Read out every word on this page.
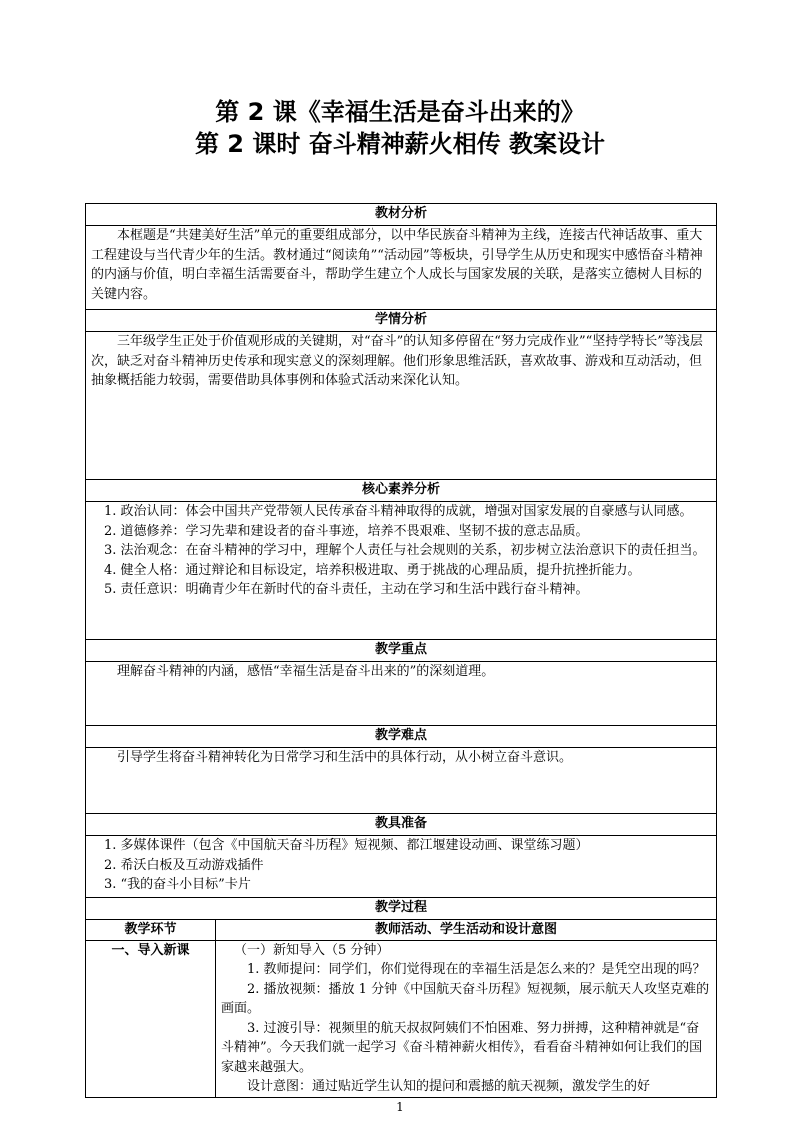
第 2 课《幸福生活是奋斗出来的》
第 2 课时 奋斗精神薪火相传 教案设计
教材分析	

本框题是“共建美好生活”单元的重要组成部分，以中华民族奋斗精神为主线，连接古代神话故事、重大工程建设与当代青少年的生活。教材通过“阅读角”“活动园”等板块，引导学生从历史和现实中感悟奋斗精神的内涵与价值，明白幸福生活需要奋斗，帮助学生建立个人成长与国家发展的关联，是落实立德树人目标的关键内容。	

学情分析	

三年级学生正处于价值观形成的关键期，对“奋斗”的认知多停留在“努力完成作业”“坚持学特长”等浅层次，缺乏对奋斗精神历史传承和现实意义的深刻理解。他们形象思维活跃，喜欢故事、游戏和互动活动，但抽象概括能力较弱，需要借助具体事例和体验式活动来深化认知。	

核心素养分析	

1. 政治认同：体会中国共产党带领人民传承奋斗精神取得的成就，增强对国家发展的自豪感与认同感。

2. 道德修养：学习先辈和建设者的奋斗事迹，培养不畏艰难、坚韧不拔的意志品质。

3. 法治观念：在奋斗精神的学习中，理解个人责任与社会规则的关系，初步树立法治意识下的责任担当。

4. 健全人格：通过辩论和目标设定，培养积极进取、勇于挑战的心理品质，提升抗挫折能力。

5. 责任意识：明确青少年在新时代的奋斗责任，主动在学习和生活中践行奋斗精神。	

教学重点	

理解奋斗精神的内涵，感悟“幸福生活是奋斗出来的”的深刻道理。	

教学难点	

引导学生将奋斗精神转化为日常学习和生活中的具体行动，从小树立奋斗意识。	

教具准备	

1. 多媒体课件（包含《中国航天奋斗历程》短视频、都江堰建设动画、课堂练习题）

2. 希沃白板及互动游戏插件

3. “我的奋斗小目标”卡片	

教学过程	
教学环节	教师活动、学生活动和设计意图
一、导入新课	（一）新知导入（5 分钟）

1. 教师提问：同学们，你们觉得现在的幸福生活是怎么来的？是凭空出现的吗？

2. 播放视频：播放 1 分钟《中国航天奋斗历程》短视频，展示航天人攻坚克难的画面。

3. 过渡引导：视频里的航天叔叔阿姨们不怕困难、努力拼搏，这种精神就是“奋斗精神”。今天我们就一起学习《奋斗精神薪火相传》，看看奋斗精神如何让我们的国家越来越强大。

设计意图：通过贴近学生认知的提问和震撼的航天视频，激发学生的好

1
